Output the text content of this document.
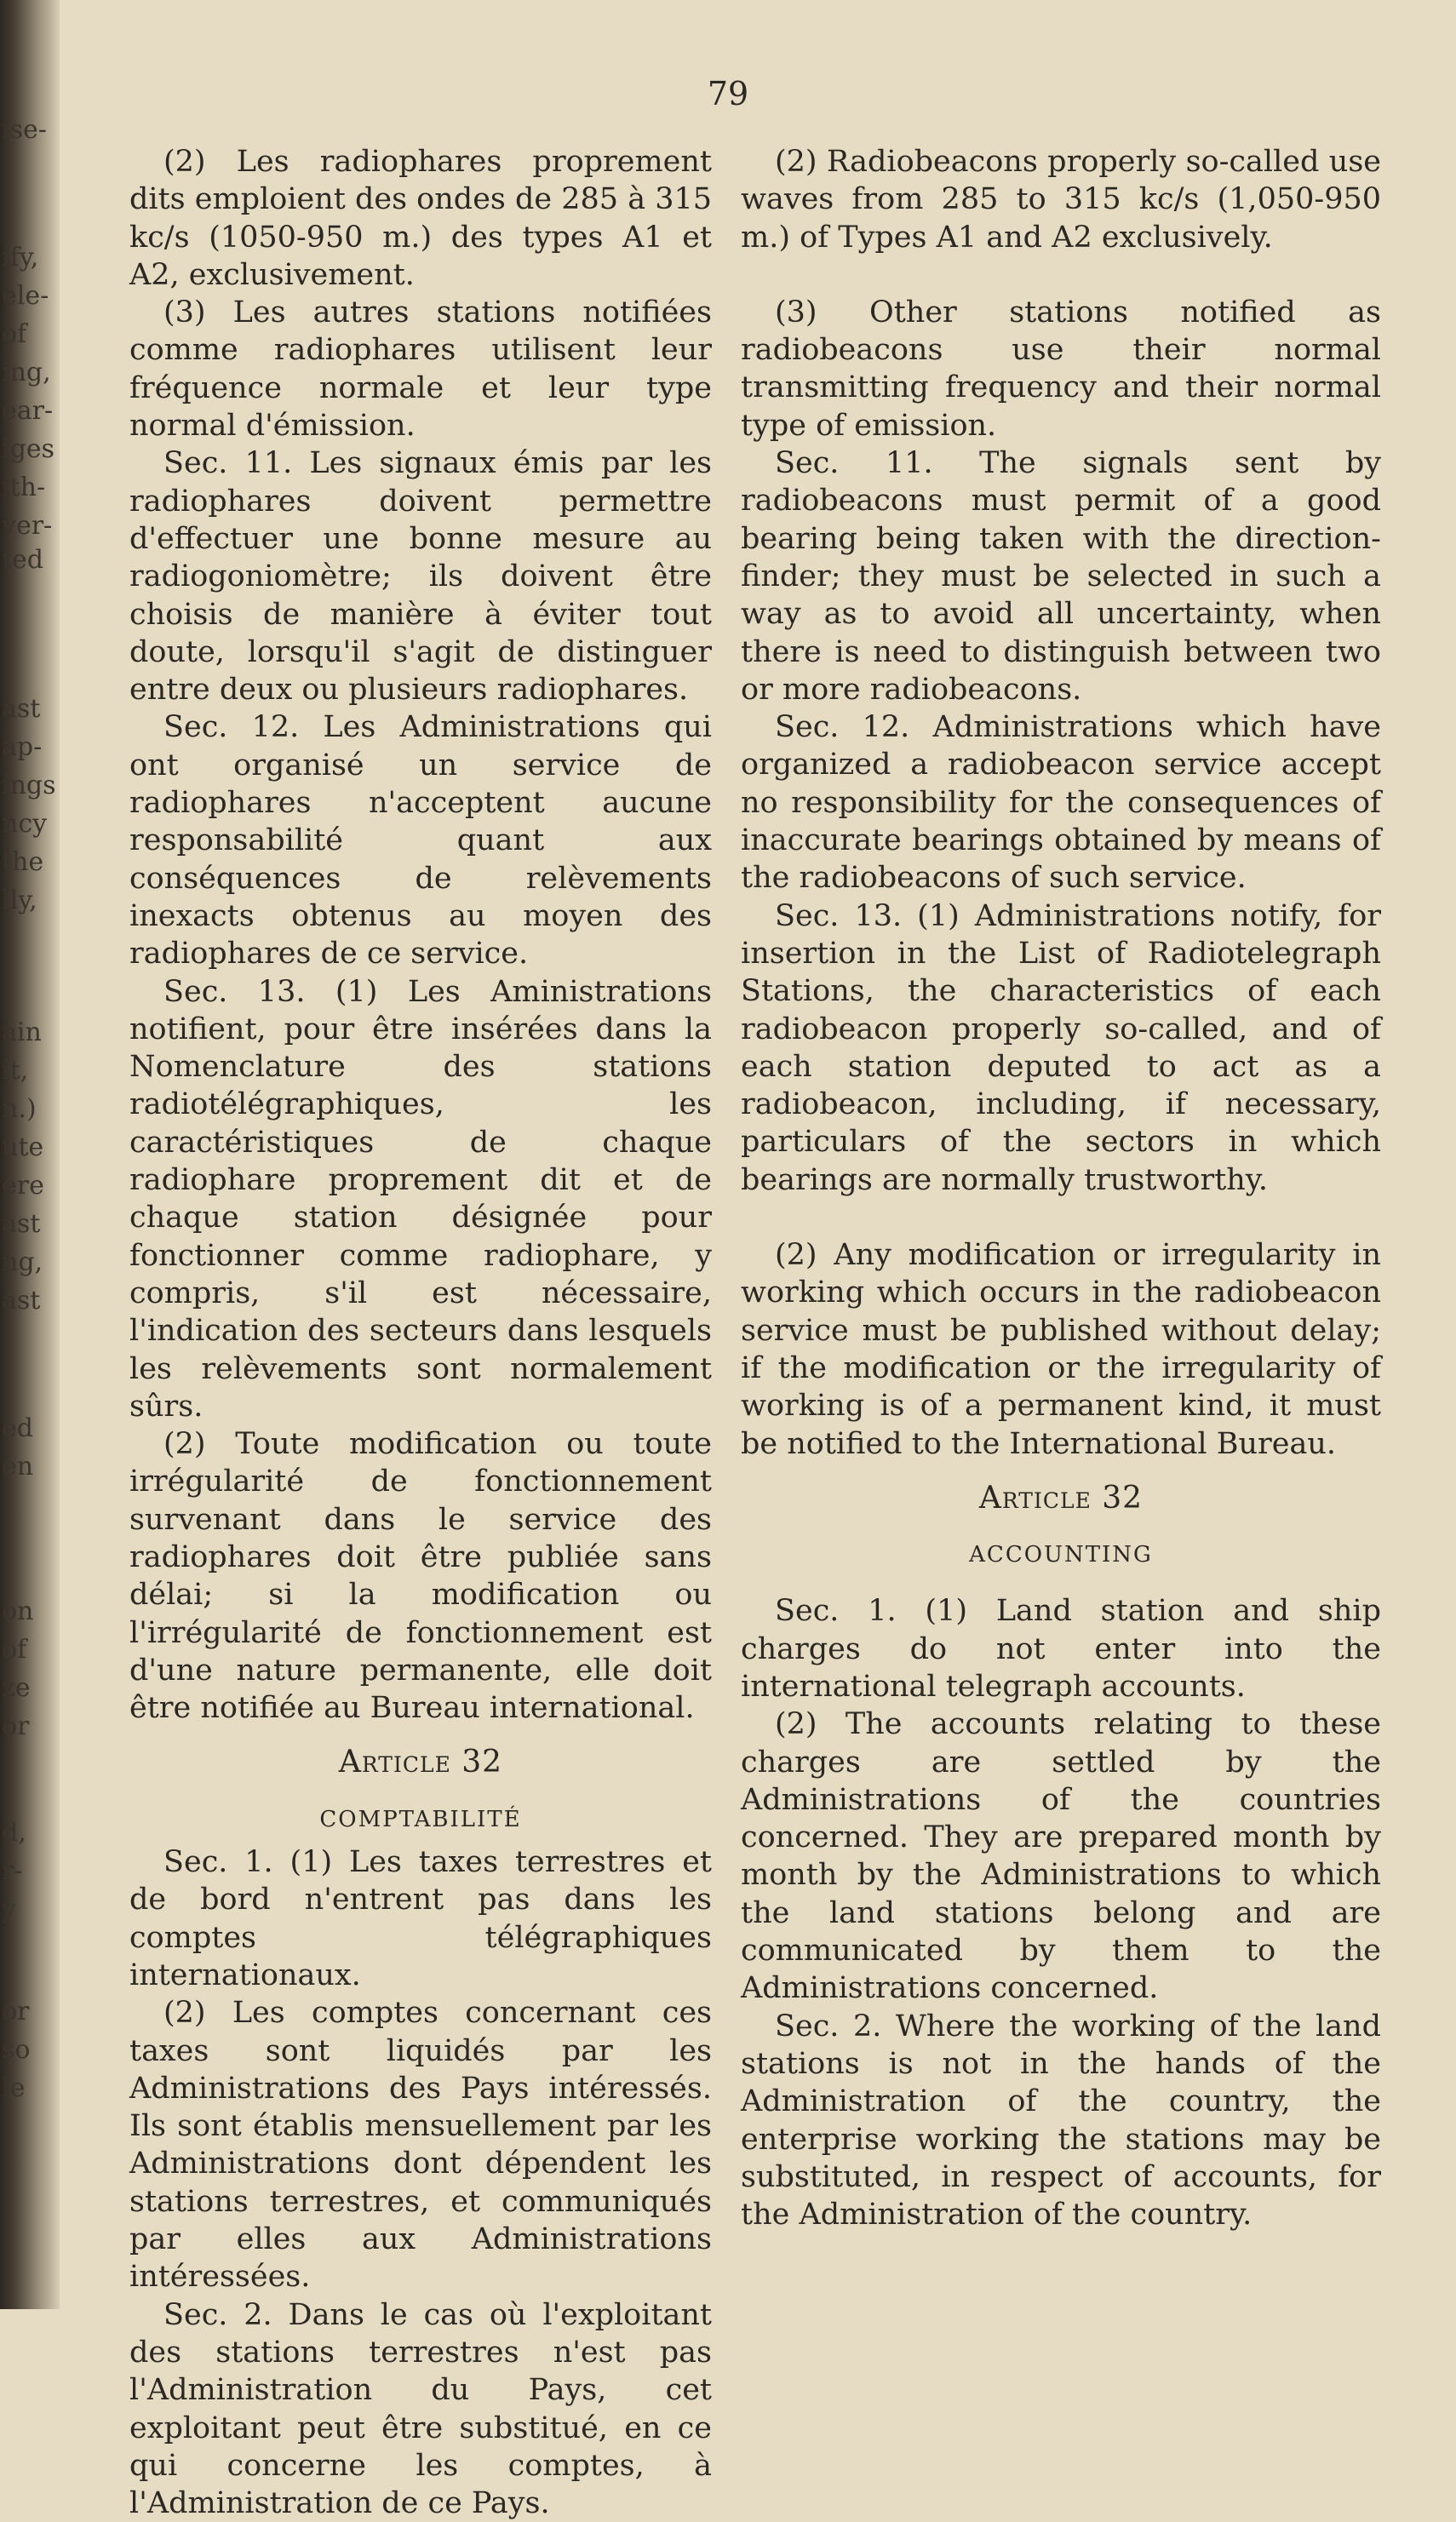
ıse-
ify,
ele-
of
ing,
ear-
iges
ith-
ver-
ted
ast
ap-
ings
ncy
the
lly,
ain
it,
n.)
ute
ere
ast
ng,
ast
ed
en
on
of
ze
or
d,
r-
y
or
so
le
79

(2) Les radiophares proprement dits emploient des ondes de 285 à 315 kc/s (1050-950 m.) des types A1 et A2, exclusivement.

(3) Les autres stations notifiées comme radiophares utilisent leur fréquence normale et leur type normal d'émission.

Sec. 11. Les signaux émis par les radiophares doivent permettre d'effectuer une bonne mesure au radiogoniomètre; ils doivent être choisis de manière à éviter tout doute, lorsqu'il s'agit de distinguer entre deux ou plusieurs radiophares.

Sec. 12. Les Administrations qui ont organisé un service de radiophares n'acceptent aucune responsabilité quant aux conséquences de relèvements inexacts obtenus au moyen des radiophares de ce service.

Sec. 13. (1) Les Aministrations notifient, pour être insérées dans la Nomenclature des stations radiotélégraphiques, les caractéristiques de chaque radiophare proprement dit et de chaque station désignée pour fonctionner comme radiophare, y compris, s'il est nécessaire, l'indication des secteurs dans lesquels les relèvements sont normalement sûrs.

(2) Toute modification ou toute irrégularité de fonctionnement survenant dans le service des radiophares doit être publiée sans délai; si la modification ou l'irrégularité de fonctionnement est d'une nature permanente, elle doit être notifiée au Bureau international.

Article 32

COMPTABILITÉ

Sec. 1. (1) Les taxes terrestres et de bord n'entrent pas dans les comptes télégraphiques internationaux.

(2) Les comptes concernant ces taxes sont liquidés par les Administrations des Pays intéressés. Ils sont établis mensuellement par les Administrations dont dépendent les stations terrestres, et communiqués par elles aux Administrations intéressées.

Sec. 2. Dans le cas où l'exploitant des stations terrestres n'est pas l'Administration du Pays, cet exploitant peut être substitué, en ce qui concerne les comptes, à l'Administration de ce Pays.

(2) Radiobeacons properly so-called use waves from 285 to 315 kc/s (1,050-950 m.) of Types A1 and A2 exclusively.

(3) Other stations notified as radiobeacons use their normal transmitting frequency and their normal type of emission.

Sec. 11. The signals sent by radiobeacons must permit of a good bearing being taken with the direction-finder; they must be selected in such a way as to avoid all uncertainty, when there is need to distinguish between two or more radiobeacons.

Sec. 12. Administrations which have organized a radiobeacon service accept no responsibility for the consequences of inaccurate bearings obtained by means of the radiobeacons of such service.

Sec. 13. (1) Administrations notify, for insertion in the List of Radiotelegraph Stations, the characteristics of each radiobeacon properly so-called, and of each station deputed to act as a radiobeacon, including, if necessary, particulars of the sectors in which bearings are normally trustworthy.

(2) Any modification or irregularity in working which occurs in the radiobeacon service must be published without delay; if the modification or the irregularity of working is of a permanent kind, it must be notified to the International Bureau.

Article 32

ACCOUNTING

Sec. 1. (1) Land station and ship charges do not enter into the international telegraph accounts.

(2) The accounts relating to these charges are settled by the Administrations of the countries concerned. They are prepared month by month by the Administrations to which the land stations belong and are communicated by them to the Administrations concerned.

Sec. 2. Where the working of the land stations is not in the hands of the Administration of the country, the enterprise working the stations may be substituted, in respect of accounts, for the Administration of the country.
